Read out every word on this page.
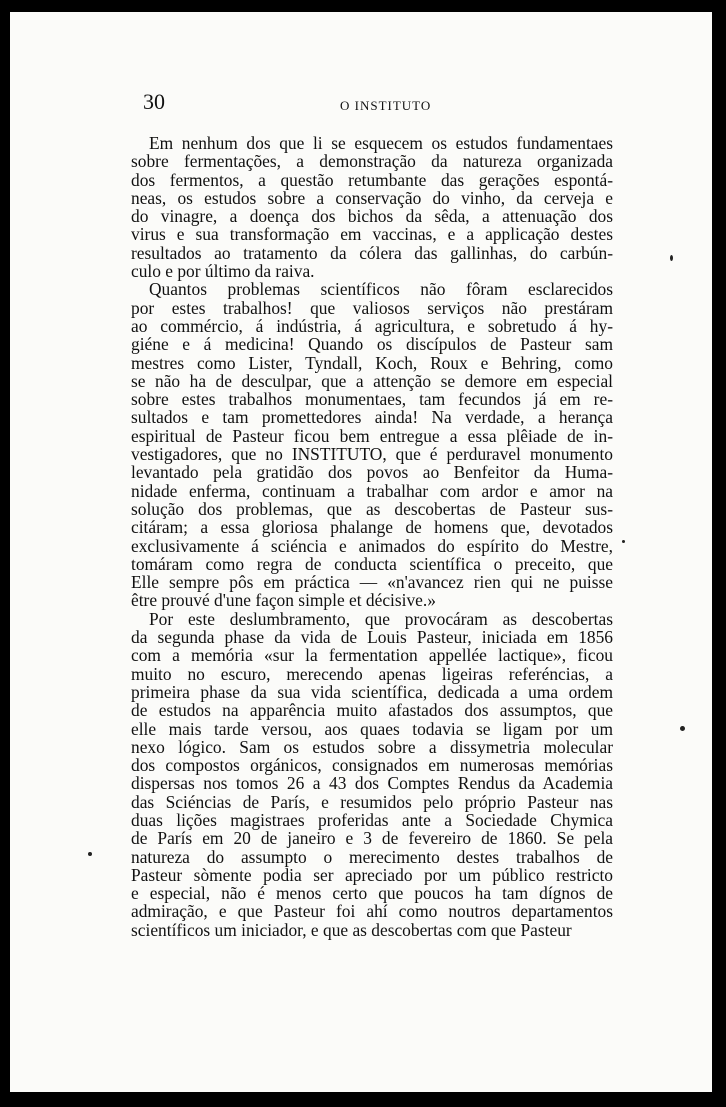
30	O INSTITUTO
Em nenhum dos que li se esquecem os estudos fundamentaes
sobre fermentações, a demonstração da natureza organizada
dos fermentos, a questão retumbante das gerações espontá-
neas, os estudos sobre a conservação do vinho, da cerveja e
do vinagre, a doença dos bichos da sêda, a attenuação dos
virus e sua transformação em vaccinas, e a applicação destes
resultados ao tratamento da cólera das gallinhas, do carbún-
culo e por último da raiva.
Quantos problemas scientíficos não fôram esclarecidos
por estes trabalhos! que valiosos serviços não prestáram
ao commércio, á indústria, á agricultura, e sobretudo á hy-
giéne e á medicina! Quando os discípulos de Pasteur sam
mestres como Lister, Tyndall, Koch, Roux e Behring, como
se não ha de desculpar, que a attenção se demore em especial
sobre estes trabalhos monumentaes, tam fecundos já em re-
sultados e tam promettedores ainda! Na verdade, a herança
espiritual de Pasteur ficou bem entregue a essa plêiade de in-
vestigadores, que no INSTITUTO, que é perduravel monumento
levantado pela gratidão dos povos ao Benfeitor da Huma-
nidade enferma, continuam a trabalhar com ardor e amor na
solução dos problemas, que as descobertas de Pasteur sus-
citáram; a essa gloriosa phalange de homens que, devotados
exclusivamente á sciéncia e animados do espírito do Mestre,
tomáram como regra de conducta scientífica o preceito, que
Elle sempre pôs em práctica — «n'avancez rien qui ne puisse
être prouvé d'une façon simple et décisive.»
Por este deslumbramento, que provocáram as descobertas
da segunda phase da vida de Louis Pasteur, iniciada em 1856
com a memória «sur la fermentation appellée lactique», ficou
muito no escuro, merecendo apenas ligeiras referéncias, a
primeira phase da sua vida scientífica, dedicada a uma ordem
de estudos na apparência muito afastados dos assumptos, que
elle mais tarde versou, aos quaes todavia se ligam por um
nexo lógico. Sam os estudos sobre a dissymetria molecular
dos compostos orgánicos, consignados em numerosas memórias
dispersas nos tomos 26 a 43 dos Comptes Rendus da Academia
das Sciéncias de París, e resumidos pelo próprio Pasteur nas
duas lições magistraes proferidas ante a Sociedade Chymica
de París em 20 de janeiro e 3 de fevereiro de 1860. Se pela
natureza do assumpto o merecimento destes trabalhos de
Pasteur sòmente podia ser apreciado por um público restricto
e especial, não é menos certo que poucos ha tam dígnos de
admiração, e que Pasteur foi ahí como noutros departamentos
scientíficos um iniciador, e que as descobertas com que Pasteur
